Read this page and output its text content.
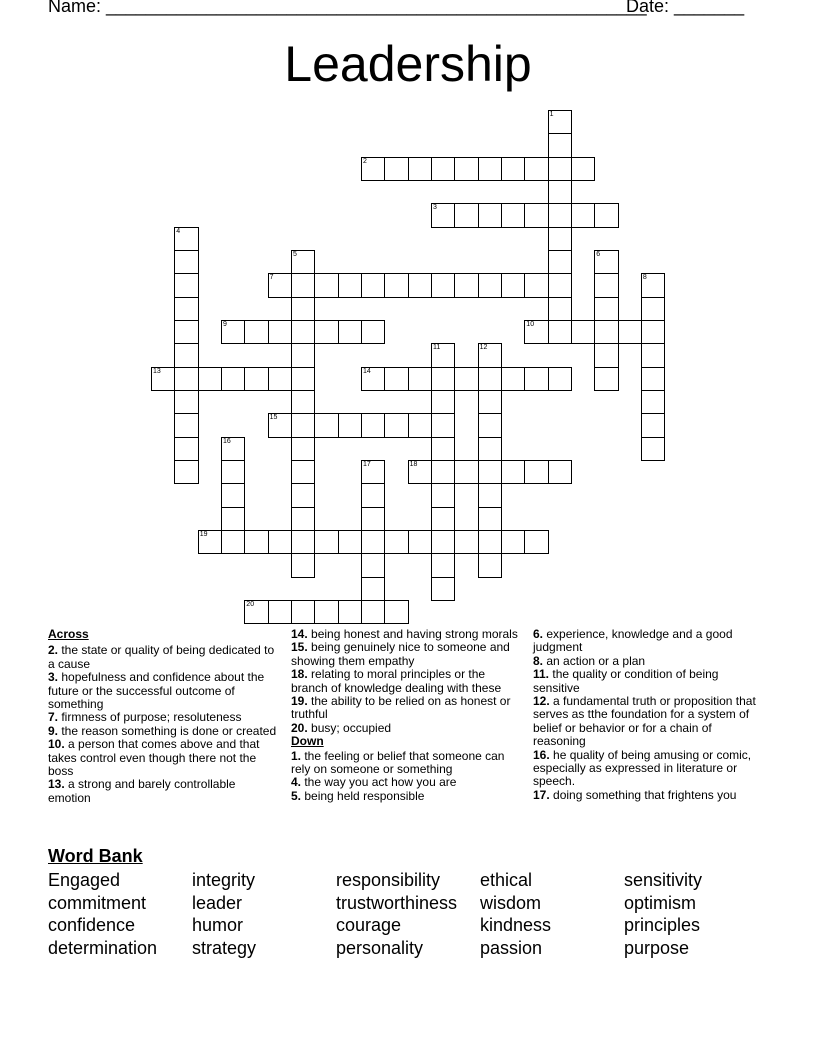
Name: ______________________________________________________
Date: _______
Leadership
2
3
7
9	10
13	14
15
18
19
20
1
4
5	6
8
11	12
16
17
Across
2. the state or quality of being dedicated to a cause
3. hopefulness and confidence about the future or the successful outcome of something
7. firmness of purpose; resoluteness
9. the reason something is done or created
10. a person that comes above and that takes control even though there not the boss
13. a strong and barely controllable emotion
14. being honest and having strong morals
15. being genuinely nice to someone and showing them empathy
18. relating to moral principles or the branch of knowledge dealing with these
19. the ability to be relied on as honest or truthful
20. busy; occupied
Down
1. the feeling or belief that someone can rely on someone or something
4. the way you act how you are
5. being held responsible
6. experience, knowledge and a good judgment
8. an action or a plan
11. the quality or condition of being sensitive
12. a fundamental truth or proposition that serves as tthe foundation for a system of belief or behavior or for a chain of reasoning
16. he quality of being amusing or comic, especially as expressed in literature or speech.
17. doing something that frightens you
Word Bank
Engaged
commitment
confidence
determination
integrity
leader
humor
strategy
responsibility
trustworthiness
courage
personality
ethical
wisdom
kindness
passion
sensitivity
optimism
principles
purpose
